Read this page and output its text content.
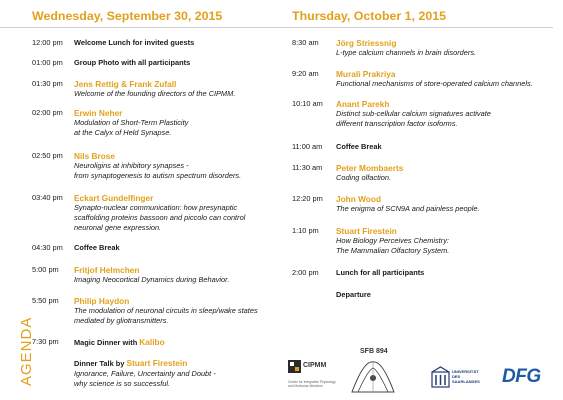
Wednesday, September 30, 2015
12:00 pm Welcome Lunch for invited guests
01:00 pm Group Photo with all participants
01:30 pm Jens Rettig & Frank Zufall
Welcome of the founding directors of the CIPMM.
02:00 pm Erwin Neher
Modulation of Short-Term Plasticity
at the Calyx of Held Synapse.
02:50 pm Nils Brose
Neuroligins at inhibitory synapses -
from synaptogenesis to autism spectrum disorders.
03:40 pm Eckart Gundelfinger
Synapto-nuclear communication: how presynaptic
scaffolding proteins bassoon and piccolo can control
neuronal gene expression.
04:30 pm Coffee Break
5:00 pm Fritjof Helmchen
Imaging Neocortical Dynamics during Behavior.
5:50 pm Philip Haydon
The modulation of neuronal circuits in sleep/wake states
mediated by gliotransmitters.
7:30 pm Magic Dinner with Kalibo
Dinner Talk by Stuart Firestein
Ignorance, Failure, Uncertainty and Doubt -
why science is so successful.
Thursday, October 1, 2015
8:30 am Jörg Striessnig
L-type calcium channels in brain disorders.
9:20 am Murali Prakriya
Functional mechanisms of store-operated calcium channels.
10:10 am Anant Parekh
Distinct sub-cellular calcium signatures activate
different transcription factor isoforms.
11:00 am Coffee Break
11:30 am Peter Mombaerts
Coding olfaction.
12:20 pm John Wood
The enigma of SCN9A and painless people.
1:10 pm Stuart Firestein
How Biology Perceives Chemistry:
The Mammalian Olfactory System.
2:00 pm Lunch for all participants
Departure
AGENDA	CIPMM
Center for Integrative Physiology
and Molecular Medicine
SFB 894
UNIVERSITÄT
DES
SAARLANDES DFG
